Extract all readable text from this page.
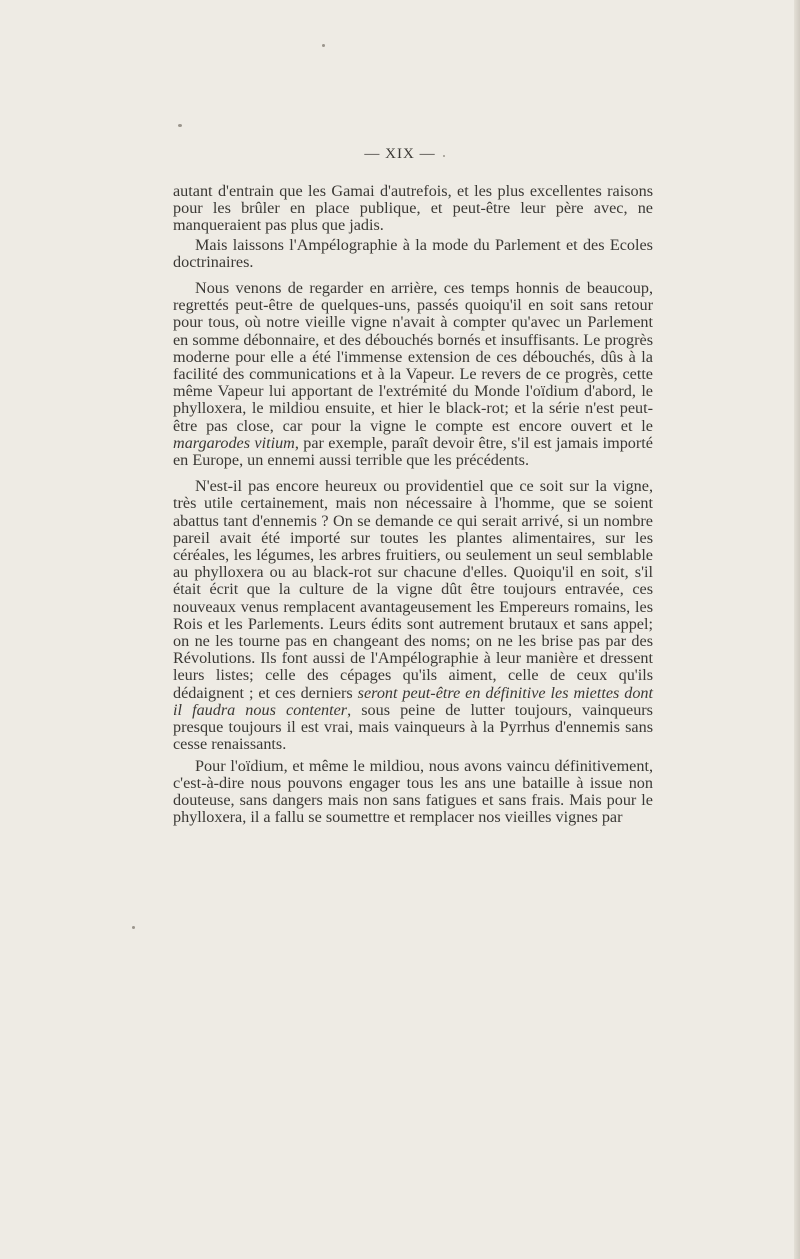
— XIX —

autant d'entrain que les Gamai d'autrefois, et les plus excellentes raisons pour les brûler en place publique, et peut-être leur père avec, ne manqueraient pas plus que jadis.

Mais laissons l'Ampélographie à la mode du Parlement et des Ecoles doctrinaires.

Nous venons de regarder en arrière, ces temps honnis de beaucoup, regrettés peut-être de quelques-uns, passés quoiqu'il en soit sans retour pour tous, où notre vieille vigne n'avait à compter qu'avec un Parlement en somme débonnaire, et des débouchés bornés et insuffisants. Le progrès moderne pour elle a été l'immense extension de ces débouchés, dûs à la facilité des communications et à la Vapeur. Le revers de ce progrès, cette même Vapeur lui apportant de l'extrémité du Monde l'oïdium d'abord, le phylloxera, le mildiou ensuite, et hier le black-rot; et la série n'est peut-être pas close, car pour la vigne le compte est encore ouvert et le margarodes vitium, par exemple, paraît devoir être, s'il est jamais importé en Europe, un ennemi aussi terrible que les précédents.

N'est-il pas encore heureux ou providentiel que ce soit sur la vigne, très utile certainement, mais non nécessaire à l'homme, que se soient abattus tant d'ennemis ? On se demande ce qui serait arrivé, si un nombre pareil avait été importé sur toutes les plantes alimentaires, sur les céréales, les légumes, les arbres fruitiers, ou seulement un seul semblable au phylloxera ou au black-rot sur chacune d'elles. Quoiqu'il en soit, s'il était écrit que la culture de la vigne dût être toujours entravée, ces nouveaux venus remplacent avantageusement les Empereurs romains, les Rois et les Parlements. Leurs édits sont autrement brutaux et sans appel; on ne les tourne pas en changeant des noms; on ne les brise pas par des Révolutions. Ils font aussi de l'Ampélographie à leur manière et dressent leurs listes; celle des cépages qu'ils aiment, celle de ceux qu'ils dédaignent ; et ces derniers seront peut-être en définitive les miettes dont il faudra nous contenter, sous peine de lutter toujours, vainqueurs presque toujours il est vrai, mais vainqueurs à la Pyrrhus d'ennemis sans cesse renaissants.

Pour l'oïdium, et même le mildiou, nous avons vaincu définitivement, c'est-à-dire nous pouvons engager tous les ans une bataille à issue non douteuse, sans dangers mais non sans fatigues et sans frais. Mais pour le phylloxera, il a fallu se soumettre et remplacer nos vieilles vignes par
